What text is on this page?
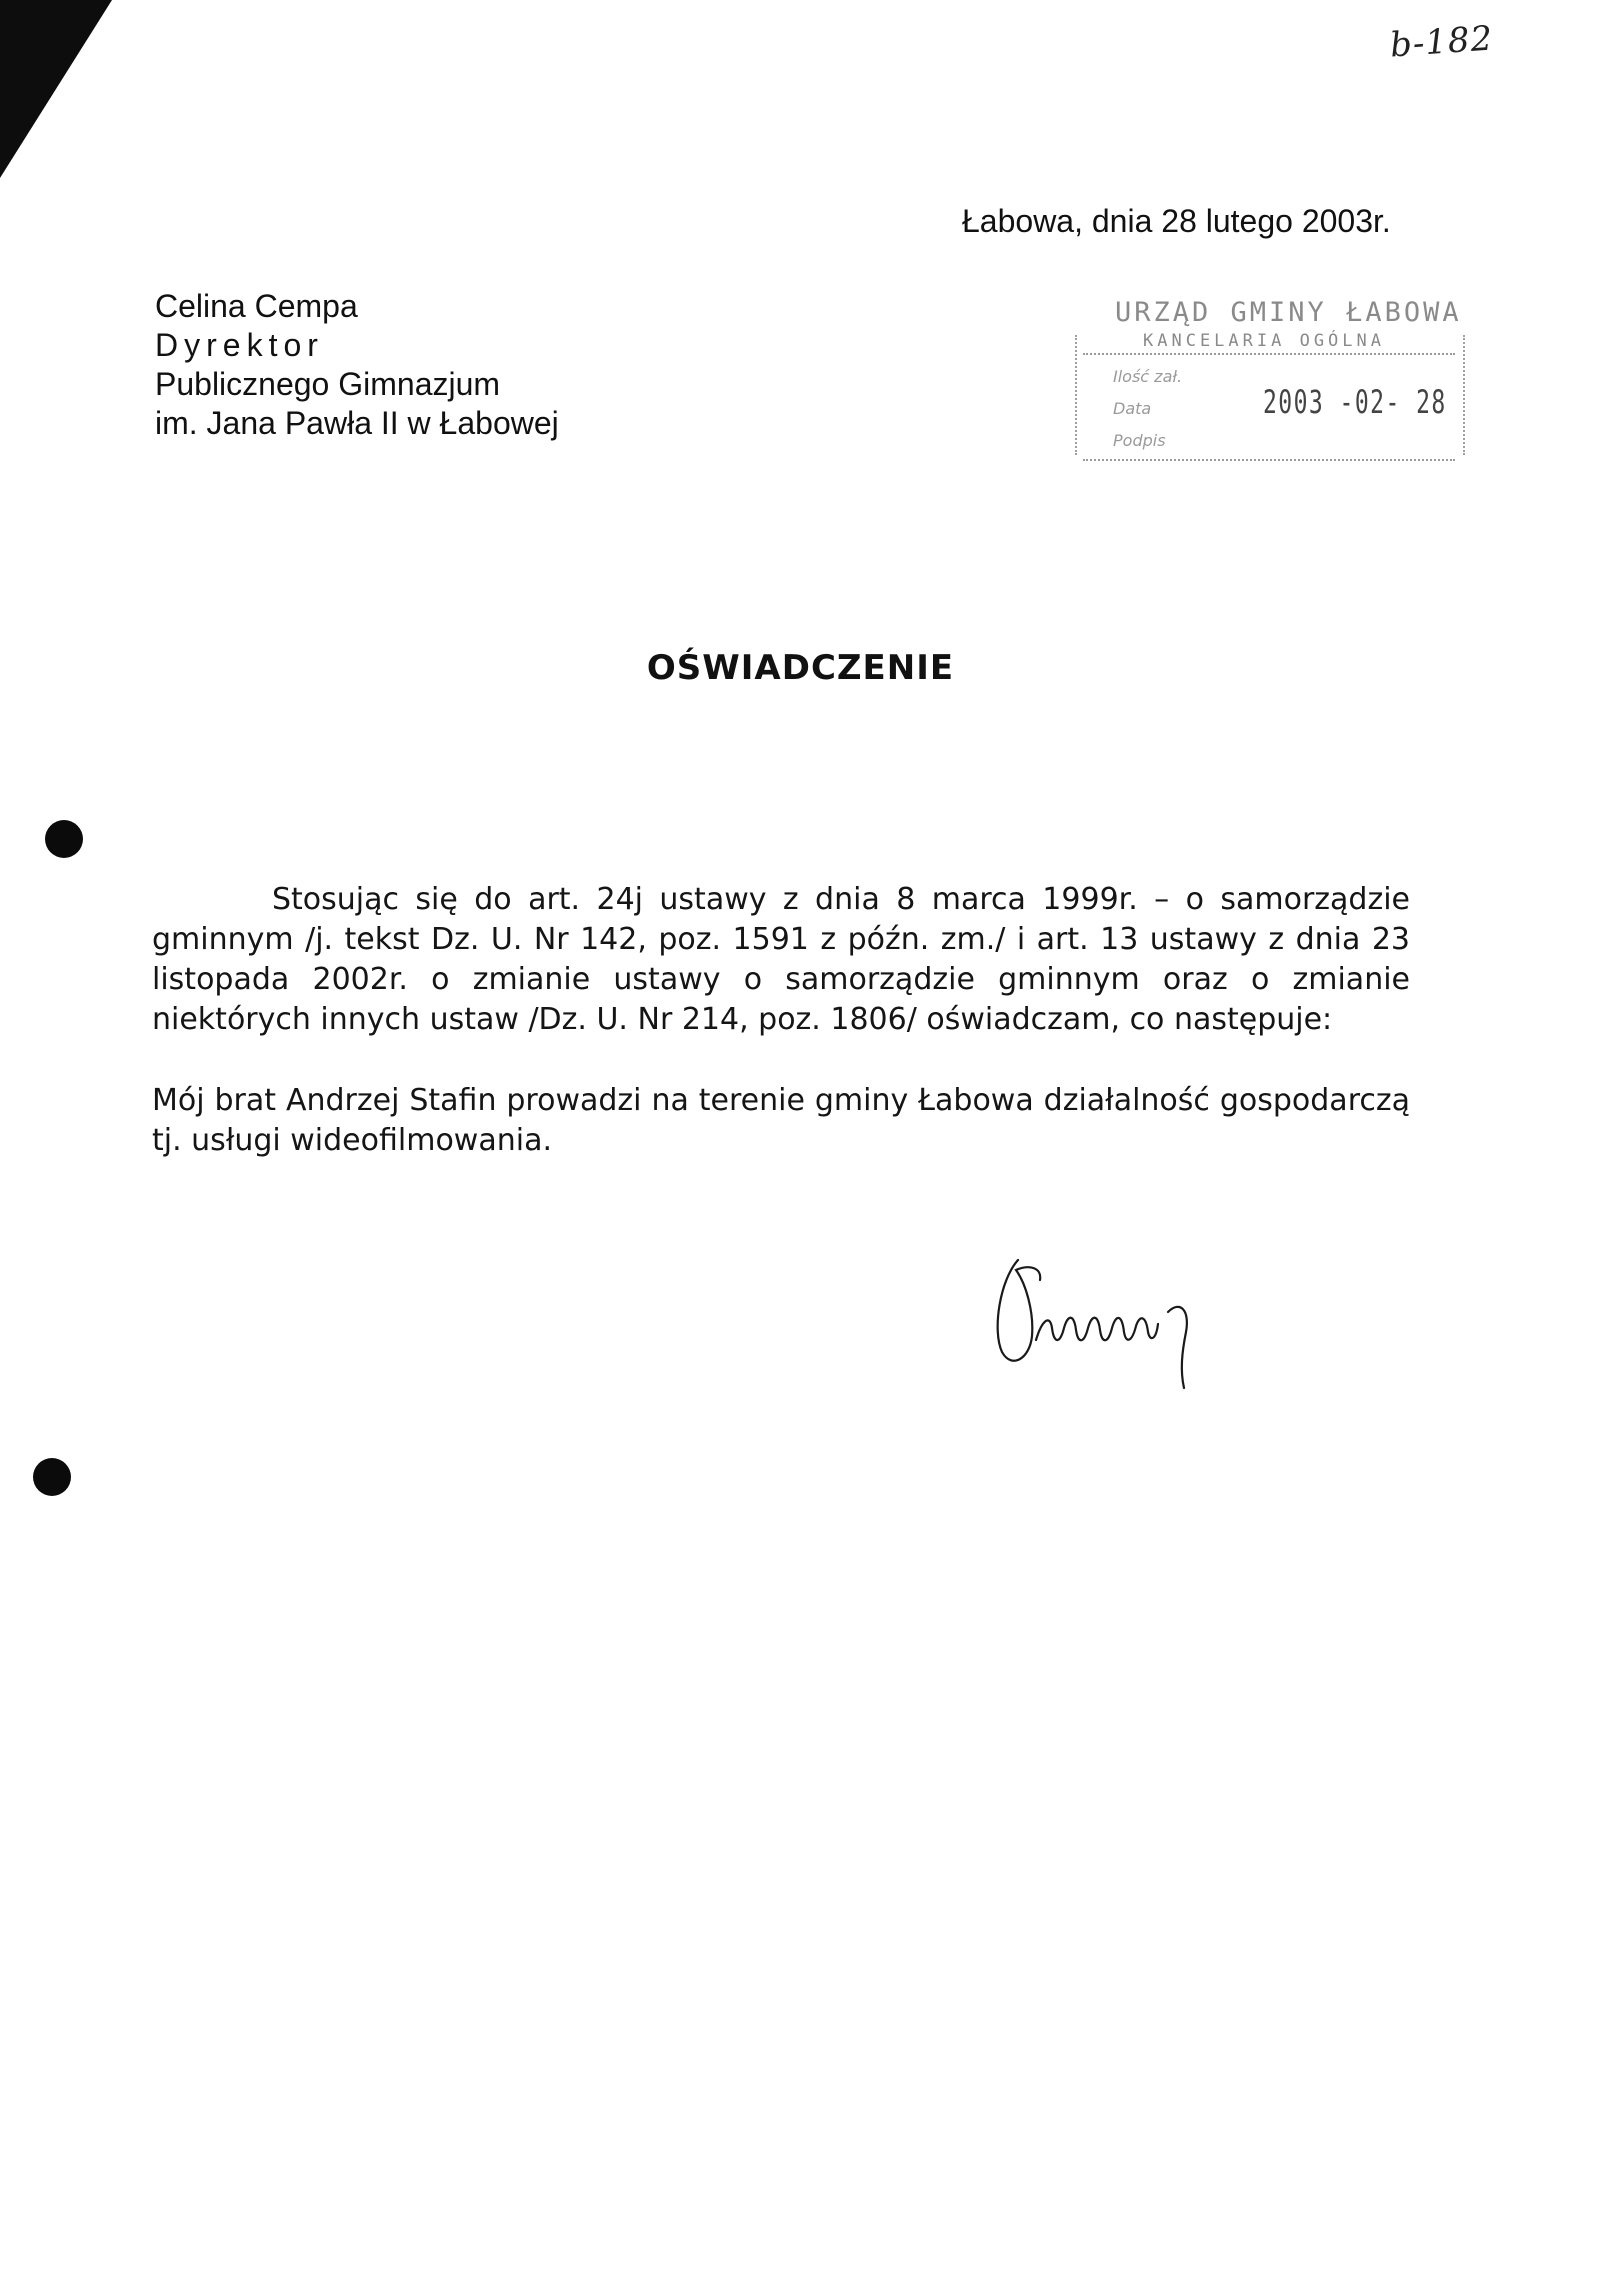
b-182
Łabowa, dnia 28 lutego 2003r.
Celina Cempa
Dyrektor
Publicznego Gimnazjum
im. Jana Pawła II w Łabowej
URZĄD GMINY ŁABOWA
KANCELARIA OGÓLNA
Ilość zał.
Data	2003 -02- 28
Podpis
OŚWIADCZENIE
Stosując się do art. 24j ustawy z dnia 8 marca 1999r. – o samorządzie gminnym /j. tekst Dz. U. Nr 142, poz. 1591 z późn. zm./ i art. 13 ustawy z dnia 23 listopada 2002r. o zmianie ustawy o samorządzie gminnym oraz o zmianie niektórych innych ustaw /Dz. U. Nr 214, poz. 1806/ oświadczam, co następuje:
Mój brat Andrzej Stafin prowadzi na terenie gminy Łabowa działalność gospodarczą tj. usługi wideofilmowania.
